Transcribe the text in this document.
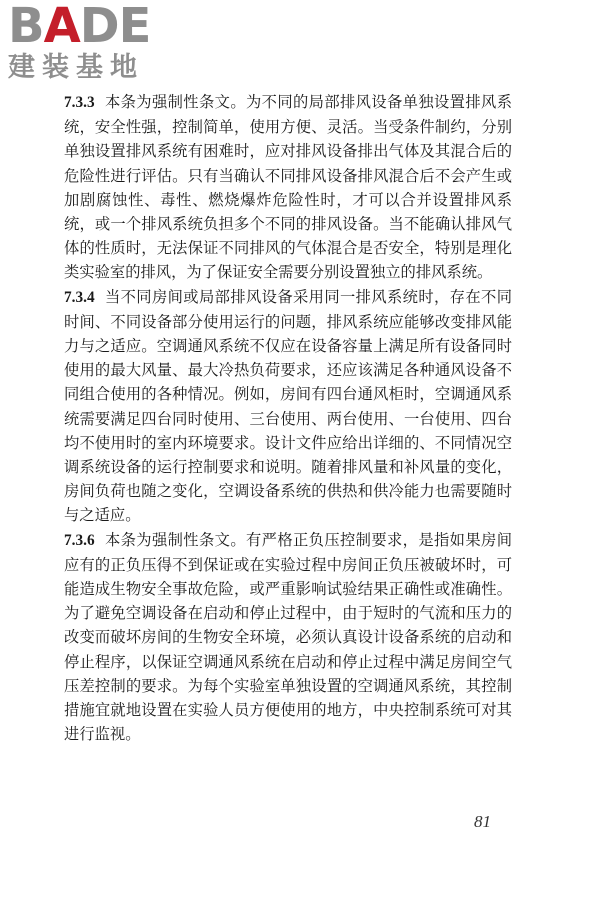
BADE
建装基地

7.3.3 本条为强制性条文。为不同的局部排风设备单独设置排风系统，安全性强，控制简单，使用方便、灵活。当受条件制约，分别单独设置排风系统有困难时，应对排风设备排出气体及其混合后的危险性进行评估。只有当确认不同排风设备排风混合后不会产生或加剧腐蚀性、毒性、燃烧爆炸危险性时，才可以合并设置排风系统，或一个排风系统负担多个不同的排风设备。当不能确认排风气体的性质时，无法保证不同排风的气体混合是否安全，特别是理化类实验室的排风，为了保证安全需要分别设置独立的排风系统。

7.3.4 当不同房间或局部排风设备采用同一排风系统时，存在不同时间、不同设备部分使用运行的问题，排风系统应能够改变排风能力与之适应。空调通风系统不仅应在设备容量上满足所有设备同时使用的最大风量、最大冷热负荷要求，还应该满足各种通风设备不同组合使用的各种情况。例如，房间有四台通风柜时，空调通风系统需要满足四台同时使用、三台使用、两台使用、一台使用、四台均不使用时的室内环境要求。设计文件应给出详细的、不同情况空调系统设备的运行控制要求和说明。随着排风量和补风量的变化，房间负荷也随之变化，空调设备系统的供热和供冷能力也需要随时与之适应。

7.3.6 本条为强制性条文。有严格正负压控制要求，是指如果房间应有的正负压得不到保证或在实验过程中房间正负压被破坏时，可能造成生物安全事故危险，或严重影响试验结果正确性或准确性。为了避免空调设备在启动和停止过程中，由于短时的气流和压力的改变而破坏房间的生物安全环境，必须认真设计设备系统的启动和停止程序，以保证空调通风系统在启动和停止过程中满足房间空气压差控制的要求。为每个实验室单独设置的空调通风系统，其控制措施宜就地设置在实验人员方便使用的地方，中央控制系统可对其进行监视。

81
